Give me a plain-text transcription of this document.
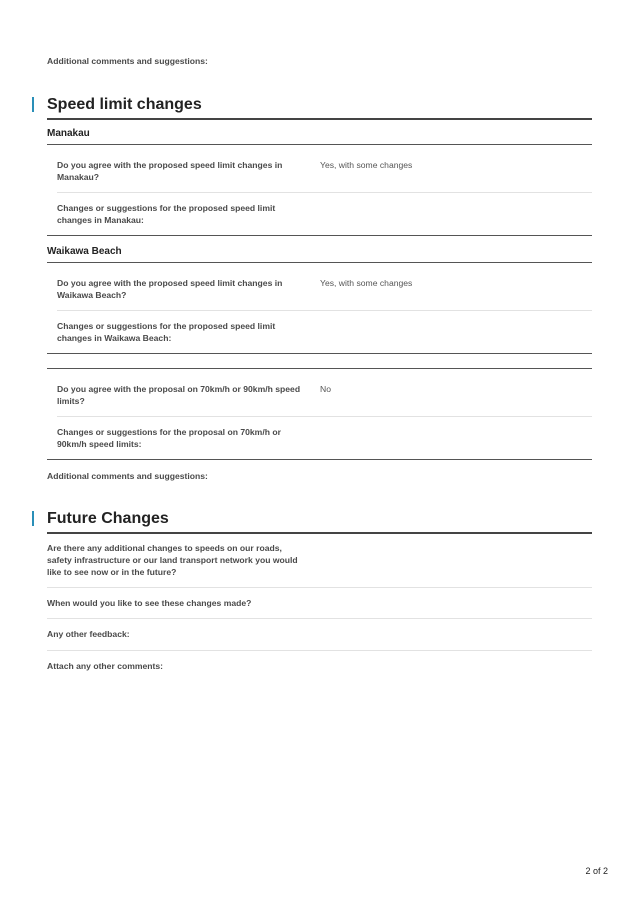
Additional comments and suggestions:
Speed limit changes
Manakau
Do you agree with the proposed speed limit changes in Manakau?
Yes, with some changes
Changes or suggestions for the proposed speed limit changes in Manakau:
Waikawa Beach
Do you agree with the proposed speed limit changes in Waikawa Beach?
Yes, with some changes
Changes or suggestions for the proposed speed limit changes in Waikawa Beach:
Do you agree with the proposal on 70km/h or 90km/h speed limits?
No
Changes or suggestions for the proposal on 70km/h or 90km/h speed limits:
Additional comments and suggestions:
Future Changes
Are there any additional changes to speeds on our roads, safety infrastructure or our land transport network you would like to see now or in the future?
When would you like to see these changes made?
Any other feedback:
Attach any other comments:
2 of 2
